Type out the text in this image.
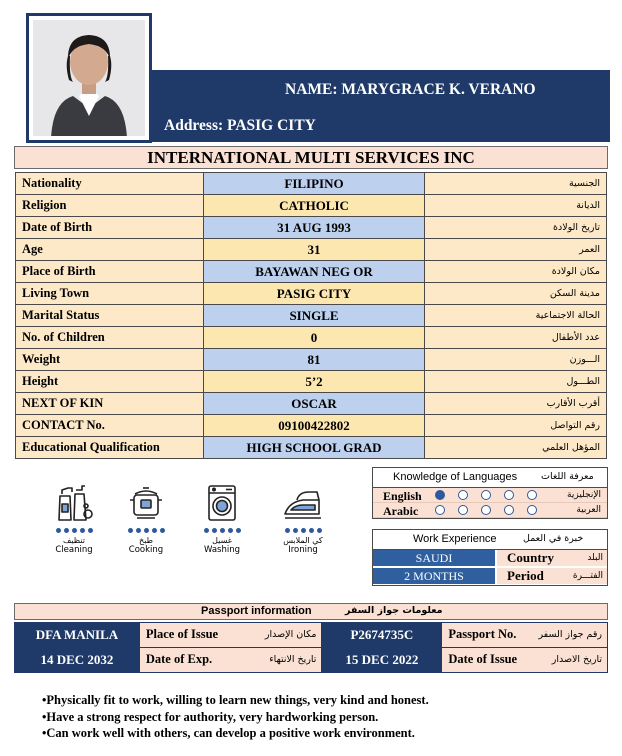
NAME: MARYGRACE K. VERANO
Address: PASIG CITY
INTERNATIONAL MULTI SERVICES INC
Nationality	FILIPINO	الجنسية
Religion	CATHOLIC	الديانة
Date of Birth	31 AUG 1993	تاريخ الولادة
Age	31	العمر
Place of Birth	BAYAWAN NEG OR	مكان الولادة
Living Town	PASIG CITY	مدينة السكن
Marital Status	SINGLE	الحالة الاجتماعية
No. of Children	0	عدد الأطفال
Weight	81	الـــوزن
Height	5’2	الطـــول
NEXT OF KIN	OSCAR	أقرب الأقارب
CONTACT No.	09100422802	رقم التواصل
Educational Qualification	HIGH SCHOOL GRAD	المؤهل العلمي
تنظيف
Cleaning
طبخ
Cooking
غسيل
Washing
كي الملابس
Ironing
Knowledge of Languages	معرفة اللغات
English	الإنجليزية
Arabic	العربية
Work Experience	خبرة في العمل
SAUDI	Country	البلد
2 MONTHS	Period	الفتـــرة
Passport information	معلومات جواز السفر
DFA MANILA	Place of Issue مكان الإصدار	P2674735C	Passport No. رقم جواز السفر

14 DEC 2032	Date of Exp. تاريخ الانتهاء	15 DEC 2022	Date of Issue تاريخ الاصدار
•Physically fit to work, willing to learn new things, very kind and honest.
•Have a strong respect for authority, very hardworking person.
•Can work well with others, can develop a positive work environment.
